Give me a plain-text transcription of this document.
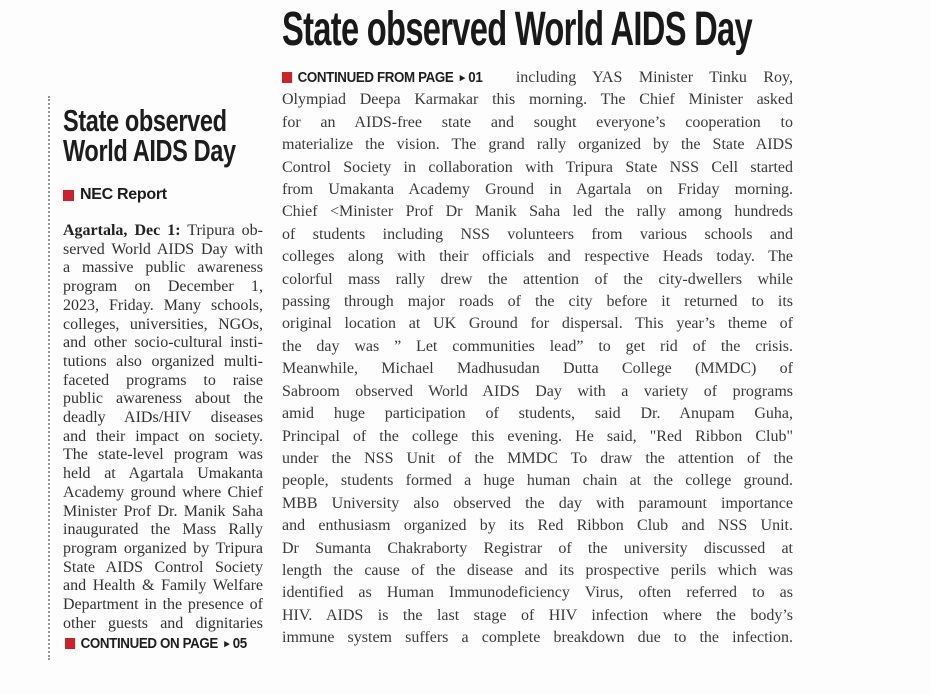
State observed
World AIDS Day
NEC Report
Agartala, Dec 1: Tripura ob-
served World AIDS Day with
a massive public awareness
program on December 1,
2023, Friday. Many schools,
colleges, universities, NGOs,
and other socio-cultural insti-
tutions also organized multi-
faceted programs to raise
public awareness about the
deadly AIDs/HIV diseases
and their impact on society.
The state-level program was
held at Agartala Umakanta
Academy ground where Chief
Minister Prof Dr. Manik Saha
inaugurated the Mass Rally
program organized by Tripura
State AIDS Control Society
and Health & Family Welfare
Department in the presence of
other guests and dignitaries
CONTINUED ON PAGE ▸ 05
State observed World AIDS Day
CONTINUED FROM PAGE ▸ 01 including YAS Minister Tinku Roy,
Olympiad Deepa Karmakar this morning. The Chief Minister asked
for an AIDS-free state and sought everyone’s cooperation to
materialize the vision. The grand rally organized by the State AIDS
Control Society in collaboration with Tripura State NSS Cell started
from Umakanta Academy Ground in Agartala on Friday morning.
Chief <Minister Prof Dr Manik Saha led the rally among hundreds
of students including NSS volunteers from various schools and
colleges along with their officials and respective Heads today. The
colorful mass rally drew the attention of the city-dwellers while
passing through major roads of the city before it returned to its
original location at UK Ground for dispersal. This year’s theme of
the day was ” Let communities lead” to get rid of the crisis.
Meanwhile, Michael Madhusudan Dutta College (MMDC) of
Sabroom observed World AIDS Day with a variety of programs
amid huge participation of students, said Dr. Anupam Guha,
Principal of the college this evening. He said, "Red Ribbon Club"
under the NSS Unit of the MMDC To draw the attention of the
people, students formed a huge human chain at the college ground.
MBB University also observed the day with paramount importance
and enthusiasm organized by its Red Ribbon Club and NSS Unit.
Dr Sumanta Chakraborty Registrar of the university discussed at
length the cause of the disease and its prospective perils which was
identified as Human Immunodeficiency Virus, often referred to as
HIV. AIDS is the last stage of HIV infection where the body’s
immune system suffers a complete breakdown due to the infection.
